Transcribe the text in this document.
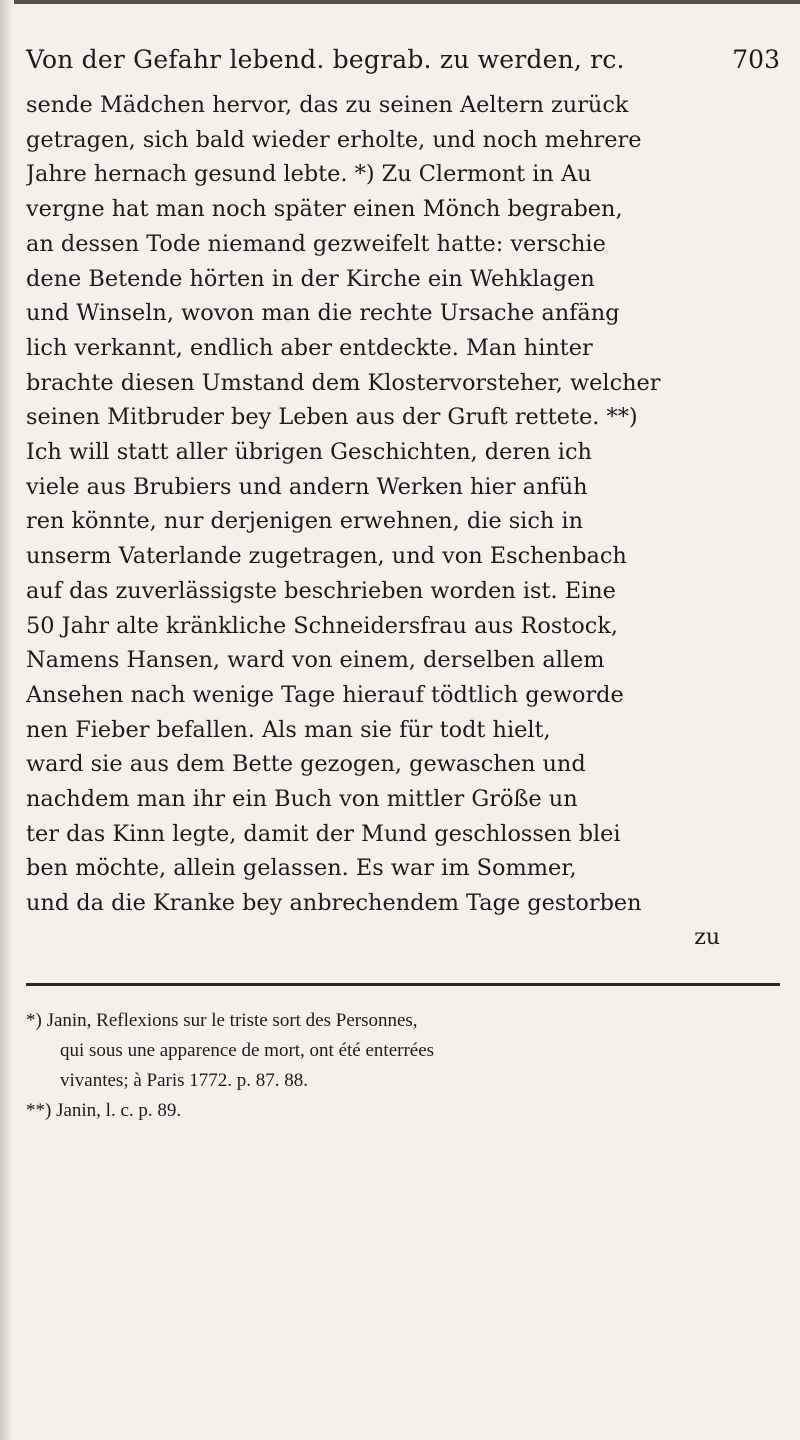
Von der Gefahr lebend. begrab. zu werden, rc.	703
sende Mädchen hervor, das zu seinen Aeltern zurück
getragen, sich bald wieder erholte, und noch mehrere
Jahre hernach gesund lebte. *) Zu Clermont in Au
vergne hat man noch später einen Mönch begraben,
an dessen Tode niemand gezweifelt hatte: verschie
dene Betende hörten in der Kirche ein Wehklagen
und Winseln, wovon man die rechte Ursache anfäng
lich verkannt, endlich aber entdeckte. Man hinter
brachte diesen Umstand dem Klostervorsteher, welcher
seinen Mitbruder bey Leben aus der Gruft rettete. **)
Ich will statt aller übrigen Geschichten, deren ich
viele aus Brubiers und andern Werken hier anfüh
ren könnte, nur derjenigen erwehnen, die sich in
unserm Vaterlande zugetragen, und von Eschenbach
auf das zuverlässigste beschrieben worden ist. Eine
50 Jahr alte kränkliche Schneidersfrau aus Rostock,
Namens Hansen, ward von einem, derselben allem
Ansehen nach wenige Tage hierauf tödtlich geworde
nen Fieber befallen. Als man sie für todt hielt,
ward sie aus dem Bette gezogen, gewaschen und
nachdem man ihr ein Buch von mittler Größe un
ter das Kinn legte, damit der Mund geschlossen blei
ben möchte, allein gelassen. Es war im Sommer,
und da die Kranke bey anbrechendem Tage gestorben
zu
*) Janin, Reflexions sur le triste sort des Personnes,
qui sous une apparence de mort, ont été enterrées
vivantes; à Paris 1772. p. 87. 88.
**) Janin, l. c. p. 89.
